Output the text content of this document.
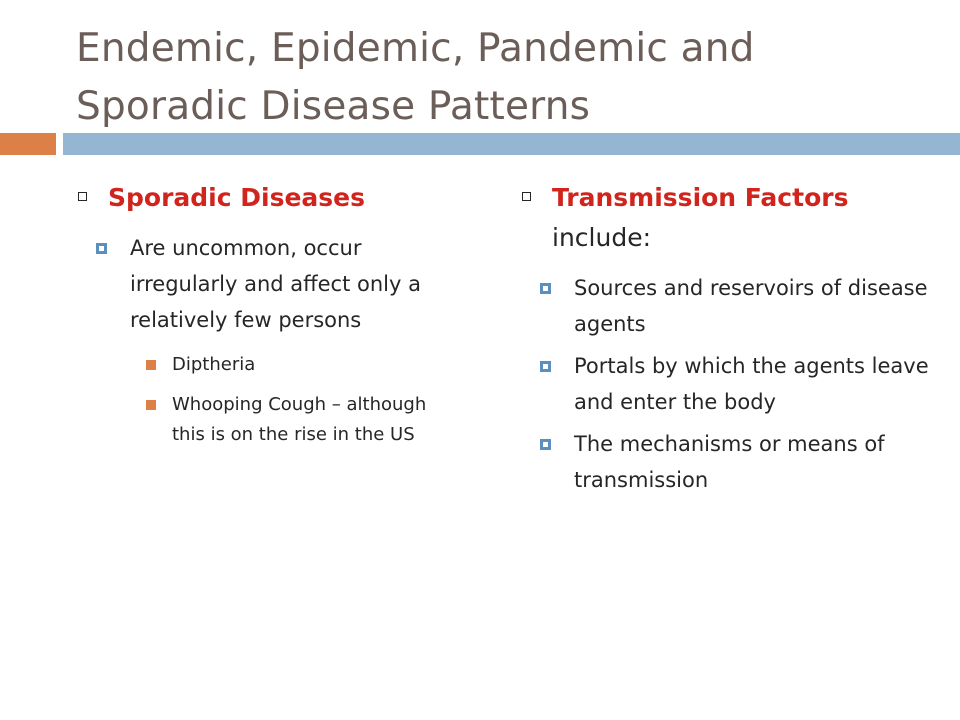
Endemic, Epidemic, Pandemic and
Sporadic Disease Patterns
Sporadic Diseases
Are uncommon, occur irregularly and affect only a relatively few persons
Diptheria
Whooping Cough – although this is on the rise in the US
Transmission Factors include:
Sources and reservoirs of disease agents
Portals by which the agents leave and enter the body
The mechanisms or means of transmission
